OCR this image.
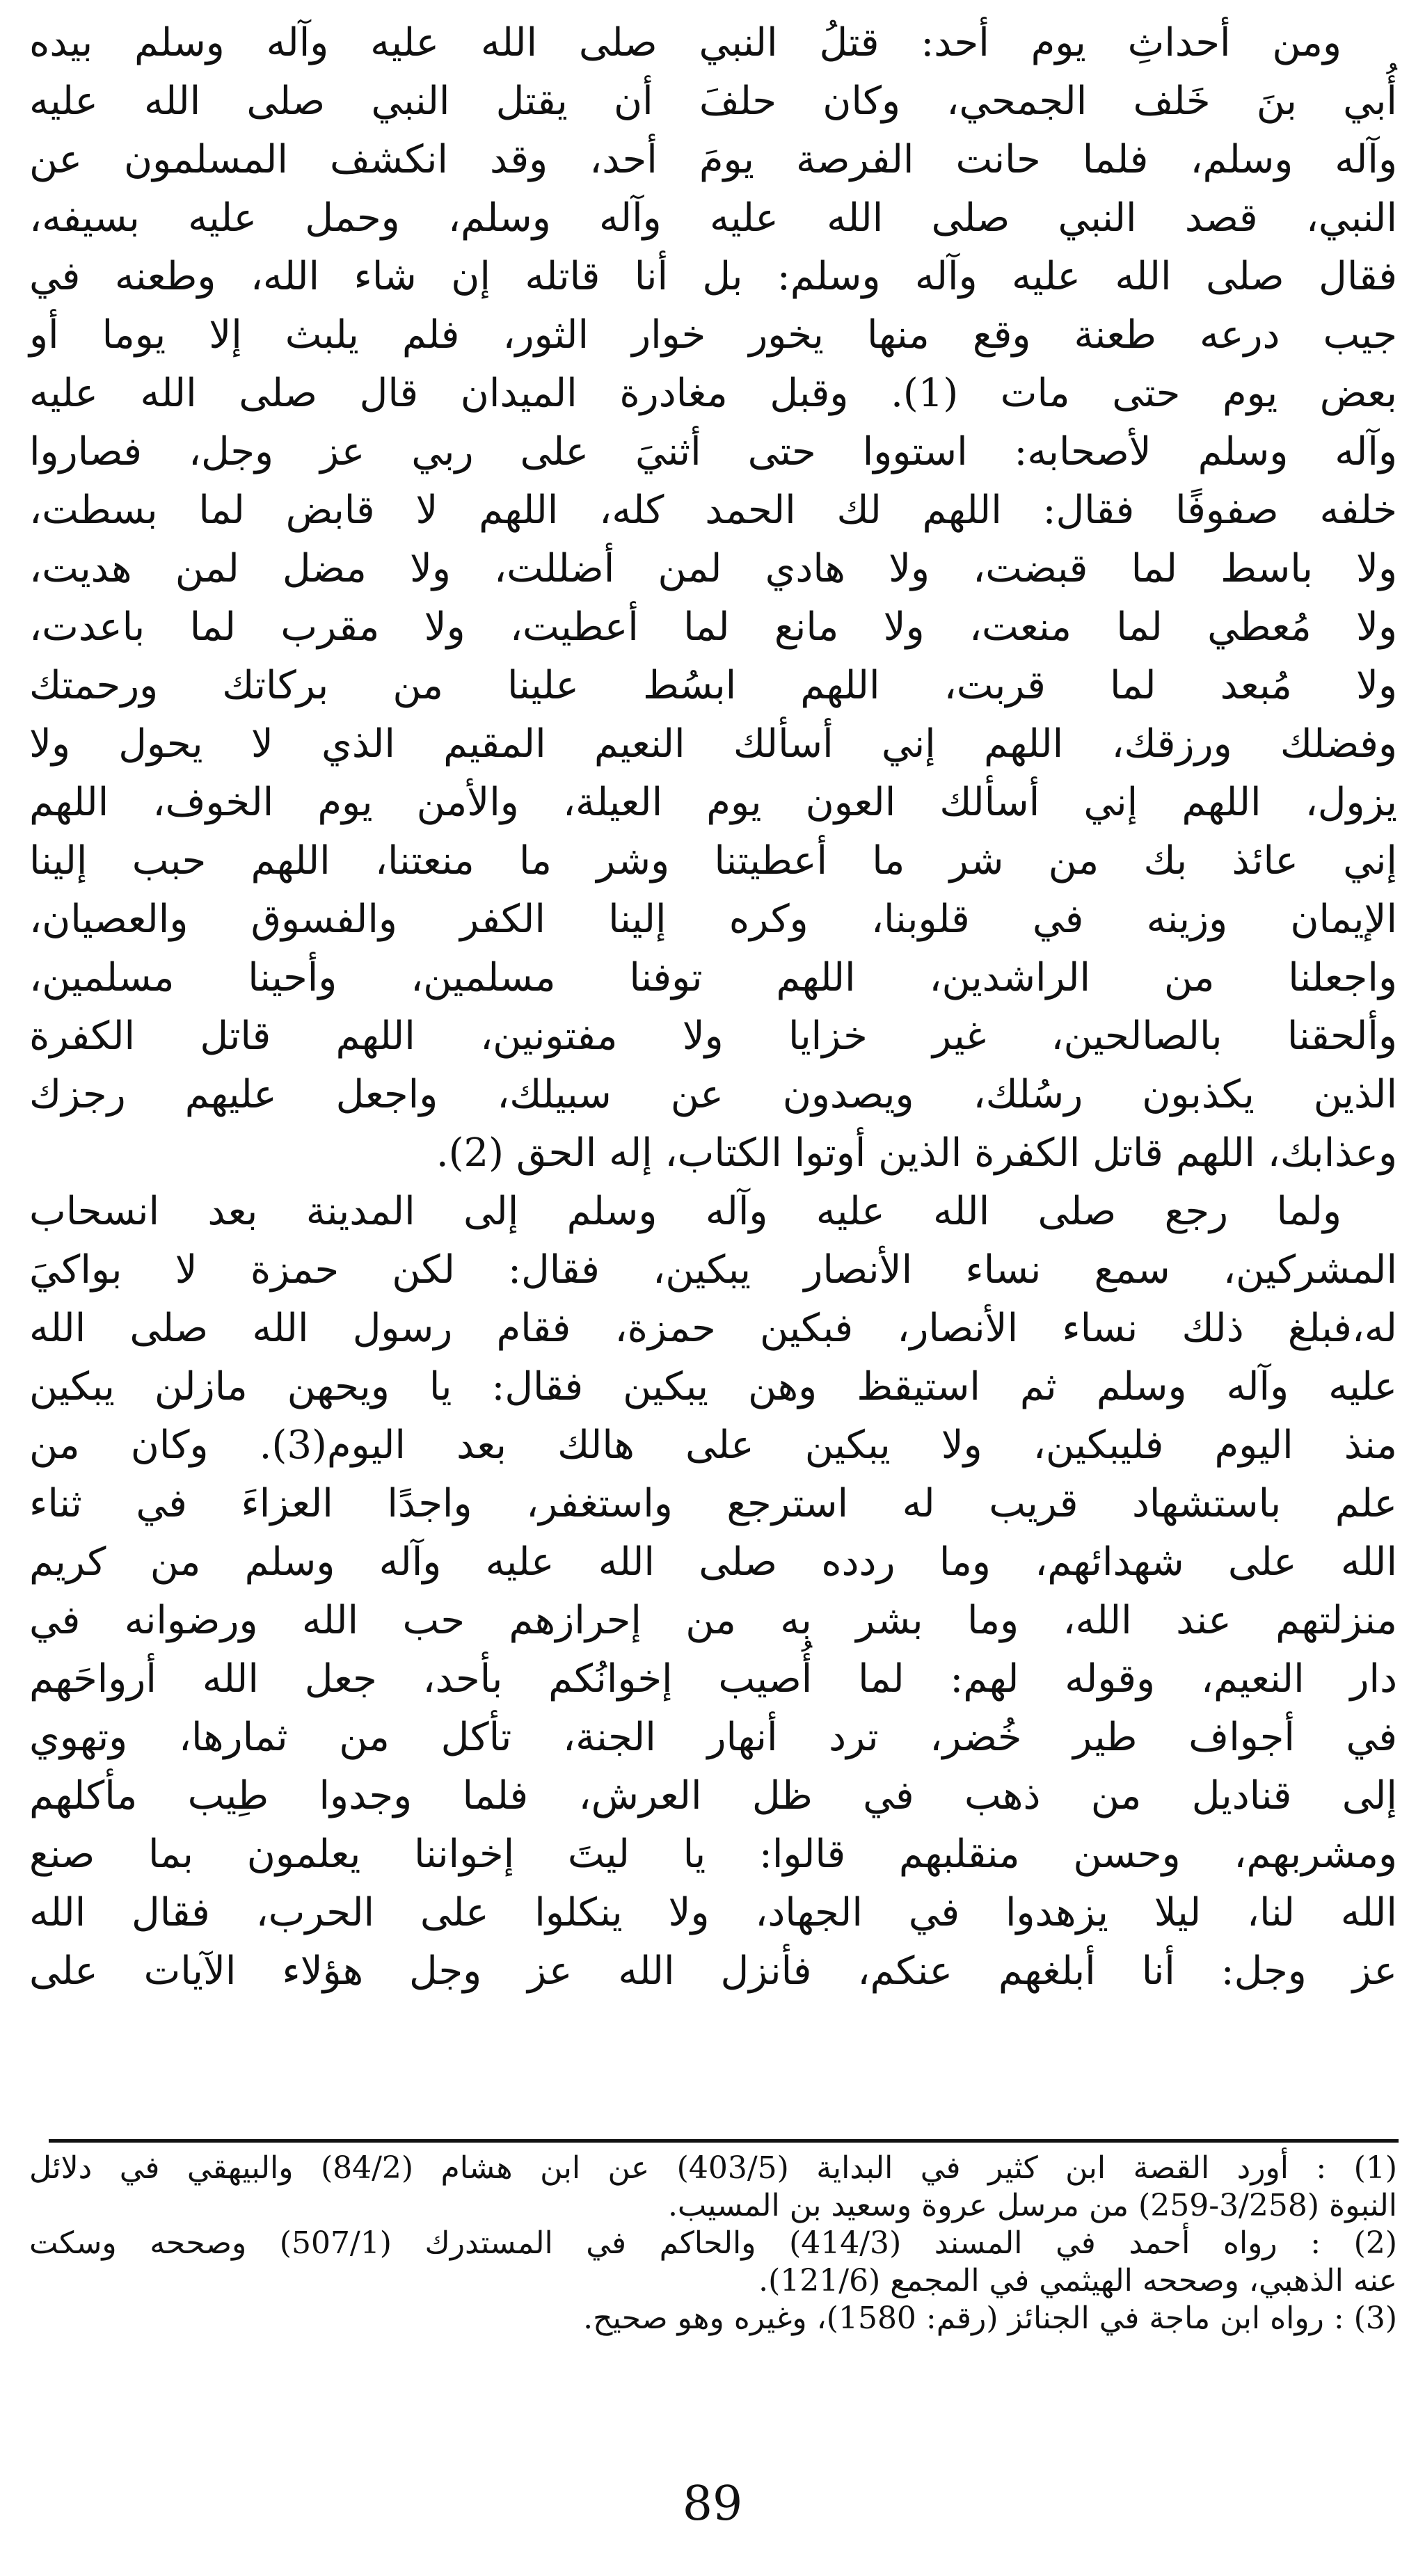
ومن أحداثِ يوم أحد: قتلُ النبي صلى الله عليه وآله وسلم بيده
أُبي بنَ خَلف الجمحي، وكان حلفَ أن يقتل النبي صلى الله عليه
وآله وسلم، فلما حانت الفرصة يومَ أحد، وقد انكشف المسلمون عن
النبي، قصد النبي صلى الله عليه وآله وسلم، وحمل عليه بسيفه،
فقال صلى الله عليه وآله وسلم: بل أنا قاتله إن شاء الله، وطعنه في
جيب درعه طعنة وقع منها يخور خوار الثور، فلم يلبث إلا يوما أو
بعض يوم حتى مات (1). وقبل مغادرة الميدان قال صلى الله عليه
وآله وسلم لأصحابه: استووا حتى أثنيَ على ربي عز وجل، فصاروا
خلفه صفوفًا فقال: اللهم لك الحمد كله، اللهم لا قابض لما بسطت،
ولا باسط لما قبضت، ولا هادي لمن أضللت، ولا مضل لمن هديت،
ولا مُعطي لما منعت، ولا مانع لما أعطيت، ولا مقرب لما باعدت،
ولا مُبعد لما قربت، اللهم ابسُط علينا من بركاتك ورحمتك
وفضلك ورزقك، اللهم إني أسألك النعيم المقيم الذي لا يحول ولا
يزول، اللهم إني أسألك العون يوم العيلة، والأمن يوم الخوف، اللهم
إني عائذ بك من شر ما أعطيتنا وشر ما منعتنا، اللهم حبب إلينا
الإيمان وزينه في قلوبنا، وكره إلينا الكفر والفسوق والعصيان،
واجعلنا من الراشدين، اللهم توفنا مسلمين، وأحينا مسلمين،
وألحقنا بالصالحين، غير خزايا ولا مفتونين، اللهم قاتل الكفرة
الذين يكذبون رسُلك، ويصدون عن سبيلك، واجعل عليهم رجزك
وعذابك، اللهم قاتل الكفرة الذين أوتوا الكتاب، إله الحق (2).
ولما رجع صلى الله عليه وآله وسلم إلى المدينة بعد انسحاب
المشركين، سمع نساء الأنصار يبكين، فقال: لكن حمزة لا بواكيَ
له،فبلغ ذلك نساء الأنصار، فبكين حمزة، فقام رسول الله صلى الله
عليه وآله وسلم ثم استيقظ وهن يبكين فقال: يا ويحهن مازلن يبكين
منذ اليوم فليبكين، ولا يبكين على هالك بعد اليوم(3). وكان من
علم باستشهاد قريب له استرجع واستغفر، واجدًا العزاءَ في ثناء
الله على شهدائهم، وما ردده صلى الله عليه وآله وسلم من كريم
منزلتهم عند الله، وما بشر به من إحرازهم حب الله ورضوانه في
دار النعيم، وقوله لهم: لما أُصيب إخوانُكم بأحد، جعل الله أرواحَهم
في أجواف طير خُضر، ترد أنهار الجنة، تأكل من ثمارها، وتهوي
إلى قناديل من ذهب في ظل العرش، فلما وجدوا طِيب مأكلهم
ومشربهم، وحسن منقلبهم قالوا: يا ليتَ إخواننا يعلمون بما صنع
الله لنا، ليلا يزهدوا في الجهاد، ولا ينكلوا على الحرب، فقال الله
عز وجل: أنا أبلغهم عنكم، فأنزل الله عز وجل هؤلاء الآيات على
(1) : أورد القصة ابن كثير في البداية (403/5) عن ابن هشام (84/2) والبيهقي في دلائل
النبوة (3/258-259) من مرسل عروة وسعيد بن المسيب.
(2) : رواه أحمد في المسند (414/3) والحاكم في المستدرك (507/1) وصححه وسكت
عنه الذهبي، وصححه الهيثمي في المجمع (121/6).
(3) : رواه ابن ماجة في الجنائز (رقم: 1580)، وغيره وهو صحيح.
89
